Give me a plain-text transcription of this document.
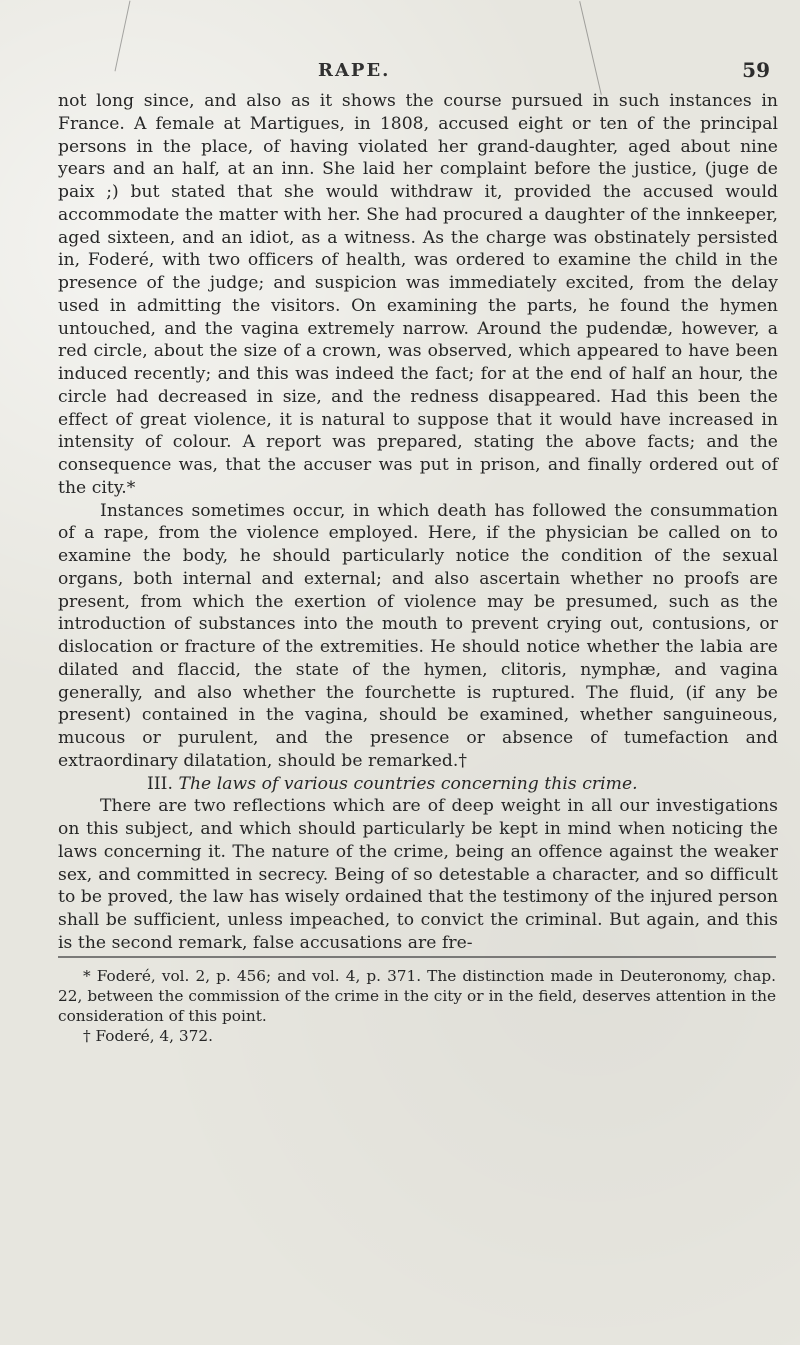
RAPE.	59

not long since, and also as it shows the course pursued in such instances in France. A female at Martigues, in 1808, accused eight or ten of the principal persons in the place, of having violated her grand-daughter, aged about nine years and an half, at an inn. She laid her complaint before the justice, (juge de paix ;) but stated that she would withdraw it, provided the accused would accommodate the matter with her. She had procured a daughter of the innkeeper, aged sixteen, and an idiot, as a witness. As the charge was obstinately persisted in, Foderé, with two officers of health, was ordered to examine the child in the presence of the judge; and suspicion was immediately excited, from the delay used in admitting the visitors. On examining the parts, he found the hymen untouched, and the vagina extremely narrow. Around the pudendæ, however, a red circle, about the size of a crown, was observed, which appeared to have been induced recently; and this was indeed the fact; for at the end of half an hour, the circle had decreased in size, and the redness disappeared. Had this been the effect of great violence, it is natural to suppose that it would have increased in intensity of colour. A report was prepared, stating the above facts; and the consequence was, that the accuser was put in prison, and finally ordered out of the city.*

Instances sometimes occur, in which death has followed the consummation of a rape, from the violence employed. Here, if the physician be called on to examine the body, he should particularly notice the condition of the sexual organs, both internal and external; and also ascertain whether no proofs are present, from which the exertion of violence may be presumed, such as the introduction of substances into the mouth to prevent crying out, contusions, or dislocation or fracture of the extremities. He should notice whether the labia are dilated and flaccid, the state of the hymen, clitoris, nymphæ, and vagina generally, and also whether the fourchette is ruptured. The fluid, (if any be present) contained in the vagina, should be examined, whether sanguineous, mucous or purulent, and the presence or absence of tumefaction and extraordinary dilatation, should be remarked.†

III. The laws of various countries concerning this crime.

There are two reflections which are of deep weight in all our investigations on this subject, and which should particularly be kept in mind when noticing the laws concerning it. The nature of the crime, being an offence against the weaker sex, and committed in secrecy. Being of so detestable a character, and so difficult to be proved, the law has wisely ordained that the testimony of the injured person shall be sufficient, unless impeached, to convict the criminal. But again, and this is the second remark, false accusations are fre-

* Foderé, vol. 2, p. 456; and vol. 4, p. 371. The distinction made in Deuteronomy, chap. 22, between the commission of the crime in the city or in the field, deserves attention in the consideration of this point.

† Foderé, 4, 372.
